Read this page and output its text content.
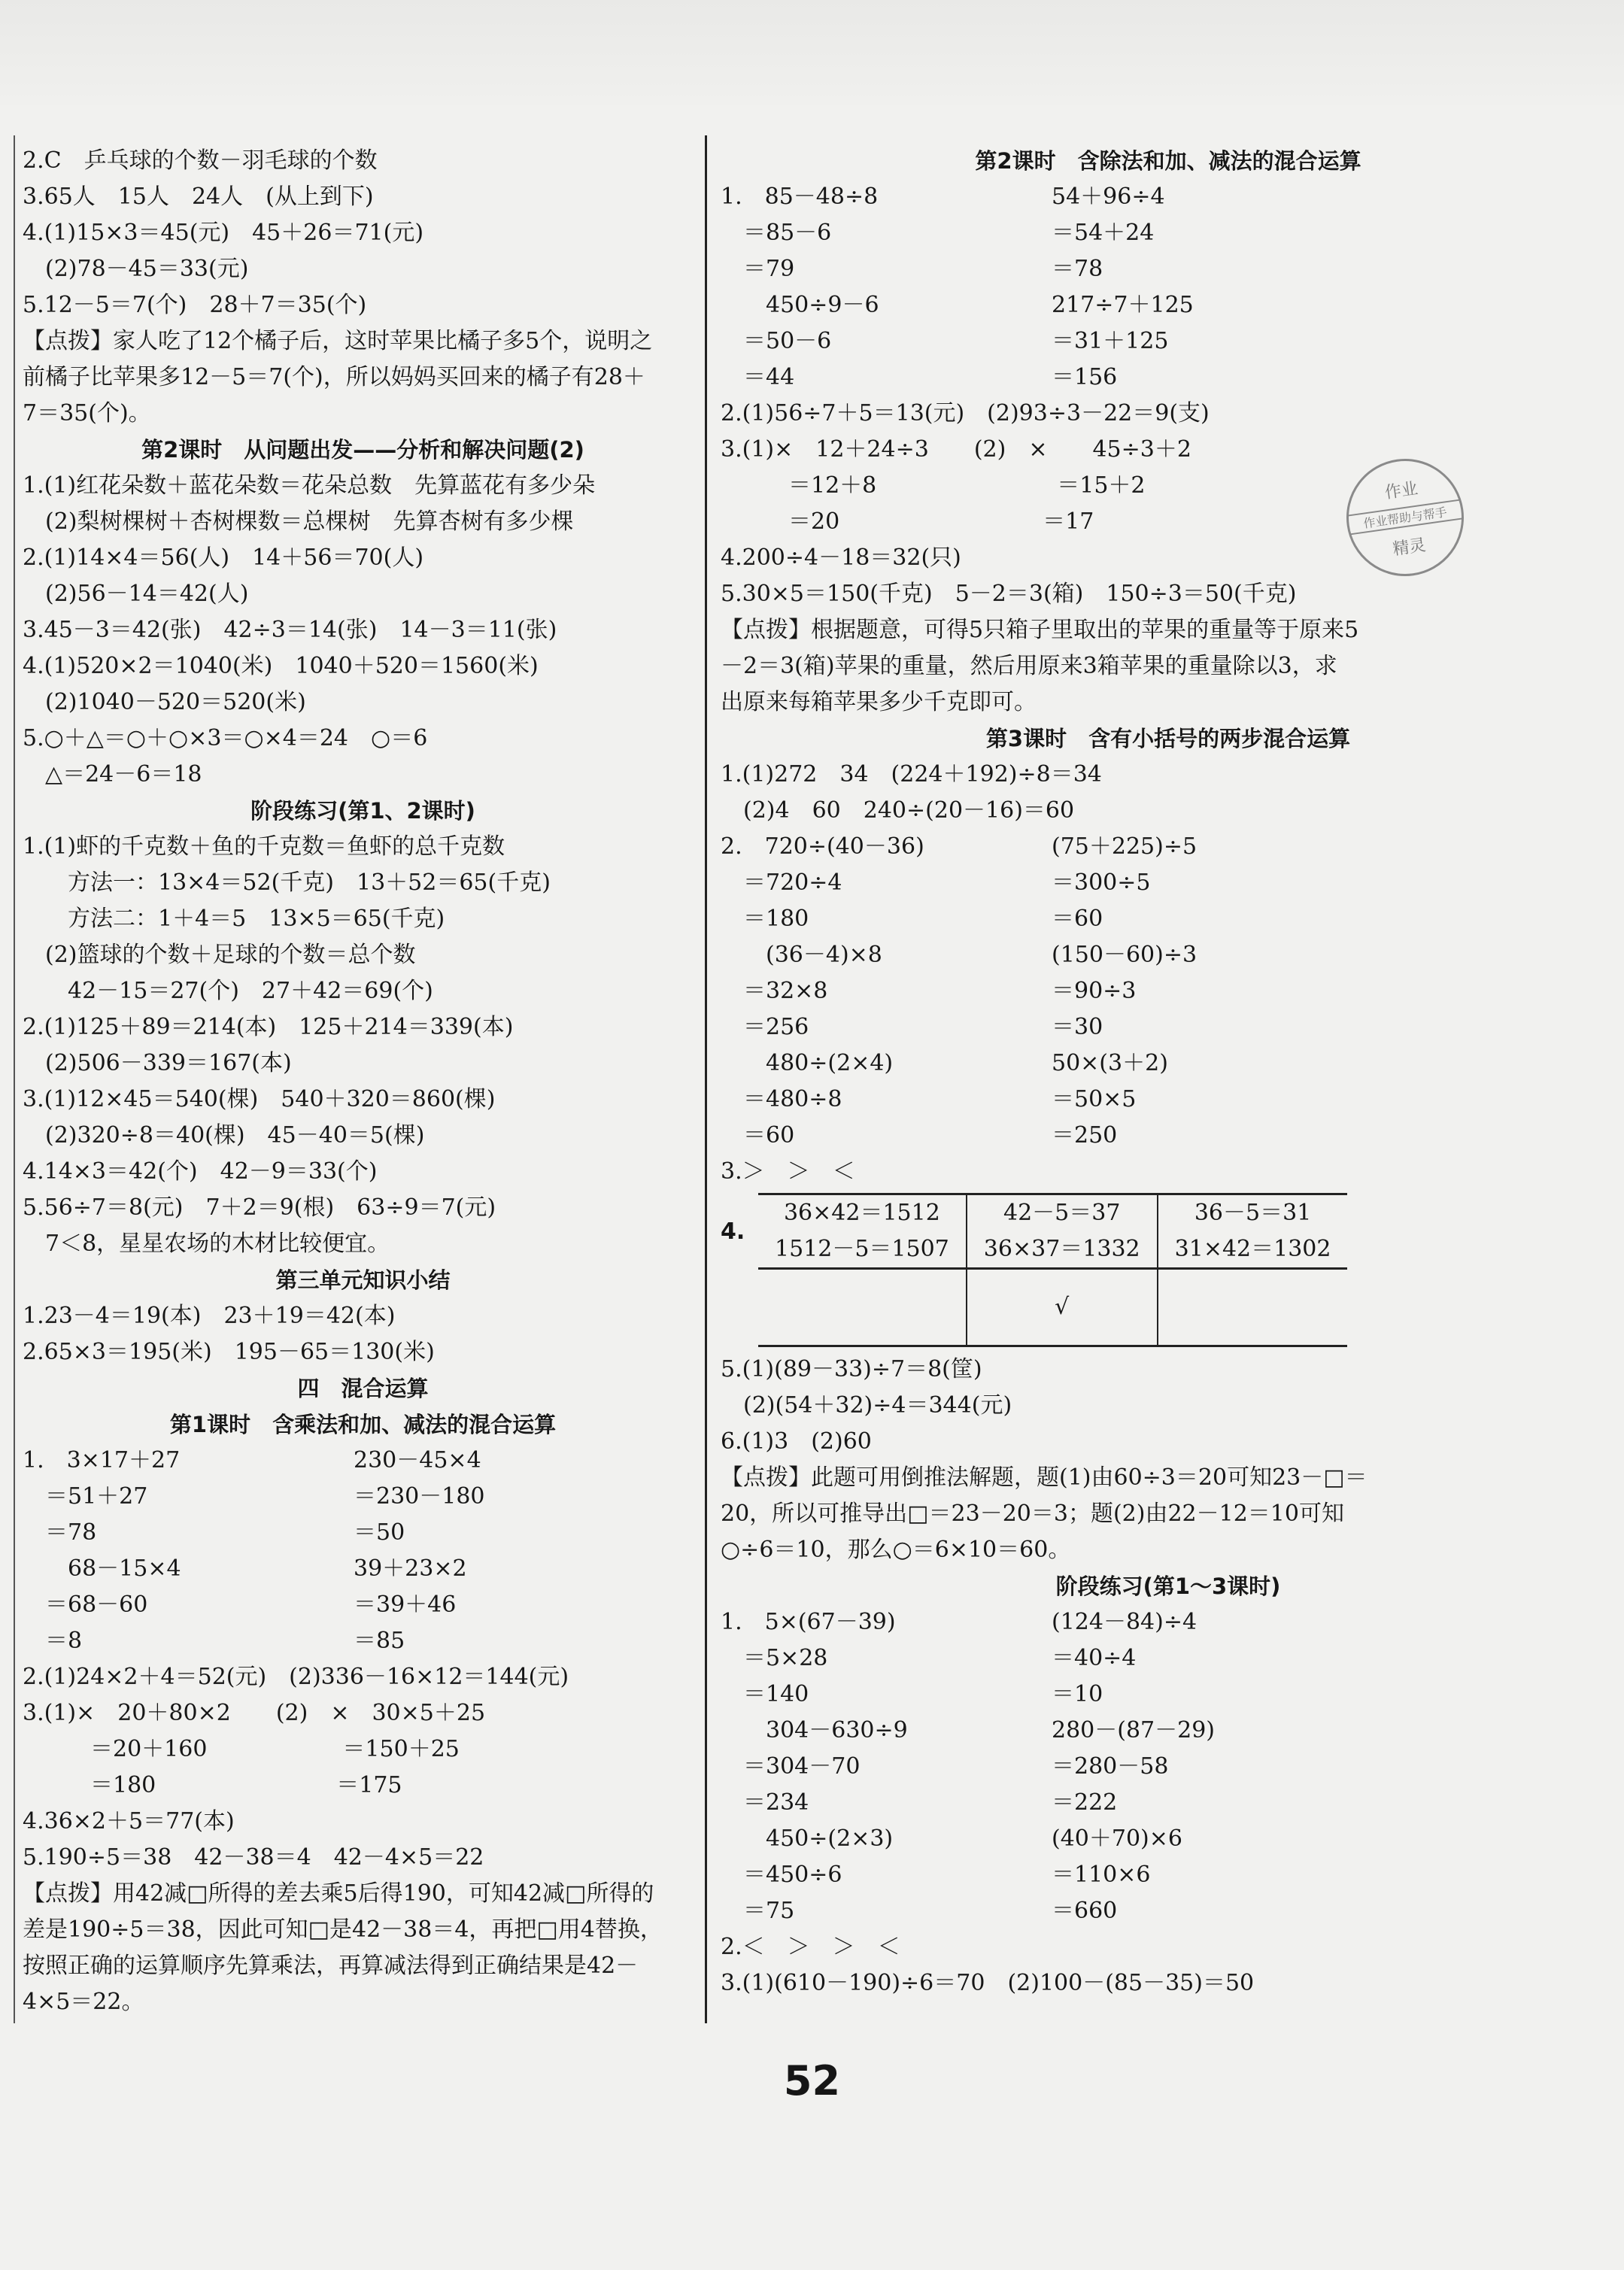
2.C　乒乓球的个数－羽毛球的个数
3.65人　15人　24人　(从上到下)
4.(1)15×3＝45(元)　45＋26＝71(元)
　(2)78－45＝33(元)
5.12－5＝7(个)　28＋7＝35(个)
【点拨】家人吃了12个橘子后，这时苹果比橘子多5个，说明之
前橘子比苹果多12－5＝7(个)，所以妈妈买回来的橘子有28＋
7＝35(个)。
第2课时　从问题出发——分析和解决问题(2)
1.(1)红花朵数＋蓝花朵数＝花朵总数　先算蓝花有多少朵
　(2)梨树棵树＋杏树棵数＝总棵树　先算杏树有多少棵
2.(1)14×4＝56(人)　14＋56＝70(人)
　(2)56－14＝42(人)
3.45－3＝42(张)　42÷3＝14(张)　14－3＝11(张)
4.(1)520×2＝1040(米)　1040＋520＝1560(米)
　(2)1040－520＝520(米)
5.○＋△＝○＋○×3＝○×4＝24　○＝6
　△＝24－6＝18
阶段练习(第1、2课时)
1.(1)虾的千克数＋鱼的千克数＝鱼虾的总千克数
　　方法一：13×4＝52(千克)　13＋52＝65(千克)
　　方法二：1＋4＝5　13×5＝65(千克)
　(2)篮球的个数＋足球的个数＝总个数
　　42－15＝27(个)　27＋42＝69(个)
2.(1)125＋89＝214(本)　125＋214＝339(本)
　(2)506－339＝167(本)
3.(1)12×45＝540(棵)　540＋320＝860(棵)
　(2)320÷8＝40(棵)　45－40＝5(棵)
4.14×3＝42(个)　42－9＝33(个)
5.56÷7＝8(元)　7＋2＝9(根)　63÷9＝7(元)
　7＜8，星星农场的木材比较便宜。
第三单元知识小结
1.23－4＝19(本)　23＋19＝42(本)
2.65×3＝195(米)　195－65＝130(米)
四　混合运算
第1课时　含乘法和加、减法的混合运算
1.　3×17＋27	230－45×4
　＝51＋27	＝230－180
　＝78	＝50
　　68－15×4	39＋23×2
　＝68－60	＝39＋46
　＝8	＝85
2.(1)24×2＋4＝52(元)　(2)336－16×12＝144(元)
3.(1)×　20＋80×2　　(2)　×　30×5＋25
　　　＝20＋160　　　　　　＝150＋25
　　　＝180　　　　　　　　＝175
4.36×2＋5＝77(本)
5.190÷5＝38　42－38＝4　42－4×5＝22
【点拨】用42减□所得的差去乘5后得190，可知42减□所得的
差是190÷5＝38，因此可知□是42－38＝4，再把□用4替换，
按照正确的运算顺序先算乘法，再算减法得到正确结果是42－
4×5＝22。
第2课时　含除法和加、减法的混合运算
1.　85－48÷8	54＋96÷4
　＝85－6	＝54＋24
　＝79	＝78
　　450÷9－6	217÷7＋125
　＝50－6	＝31＋125
　＝44	＝156
2.(1)56÷7＋5＝13(元)　(2)93÷3－22＝9(支)
3.(1)×　12＋24÷3　　(2)　×　　45÷3＋2
　　　＝12＋8　　　　　　　　＝15＋2
　　　＝20　　　　　　　　　＝17
4.200÷4－18＝32(只)
5.30×5＝150(千克)　5－2＝3(箱)　150÷3＝50(千克)
【点拨】根据题意，可得5只箱子里取出的苹果的重量等于原来5
－2＝3(箱)苹果的重量，然后用原来3箱苹果的重量除以3，求
出原来每箱苹果多少千克即可。
第3课时　含有小括号的两步混合运算
1.(1)272　34　(224＋192)÷8＝34
　(2)4　60　240÷(20－16)＝60
2.　720÷(40－36)	(75＋225)÷5
　＝720÷4	＝300÷5
　＝180	＝60
　　(36－4)×8	(150－60)÷3
　＝32×8	＝90÷3
　＝256	＝30
　　480÷(2×4)	50×(3＋2)
　＝480÷8	＝50×5
　＝60	＝250
3.＞　＞　＜
4.
36×42＝1512	42－5＝37	36－5＝31
1512－5＝1507	36×37＝1332	31×42＝1302
	√	
5.(1)(89－33)÷7＝8(筐)
　(2)(54＋32)÷4＝344(元)
6.(1)3　(2)60
【点拨】此题可用倒推法解题，题(1)由60÷3＝20可知23－□＝
20，所以可推导出□＝23－20＝3；题(2)由22－12＝10可知
○÷6＝10，那么○＝6×10＝60。
阶段练习(第1～3课时)
1.　5×(67－39)	(124－84)÷4
　＝5×28	＝40÷4
　＝140	＝10
　　304－630÷9	280－(87－29)
　＝304－70	＝280－58
　＝234	＝222
　　450÷(2×3)	(40＋70)×6
　＝450÷6	＝110×6
　＝75	＝660
2.＜　＞　＞　＜
3.(1)(610－190)÷6＝70　(2)100－(85－35)＝50
作业
作业帮助与帮手
精灵
52
